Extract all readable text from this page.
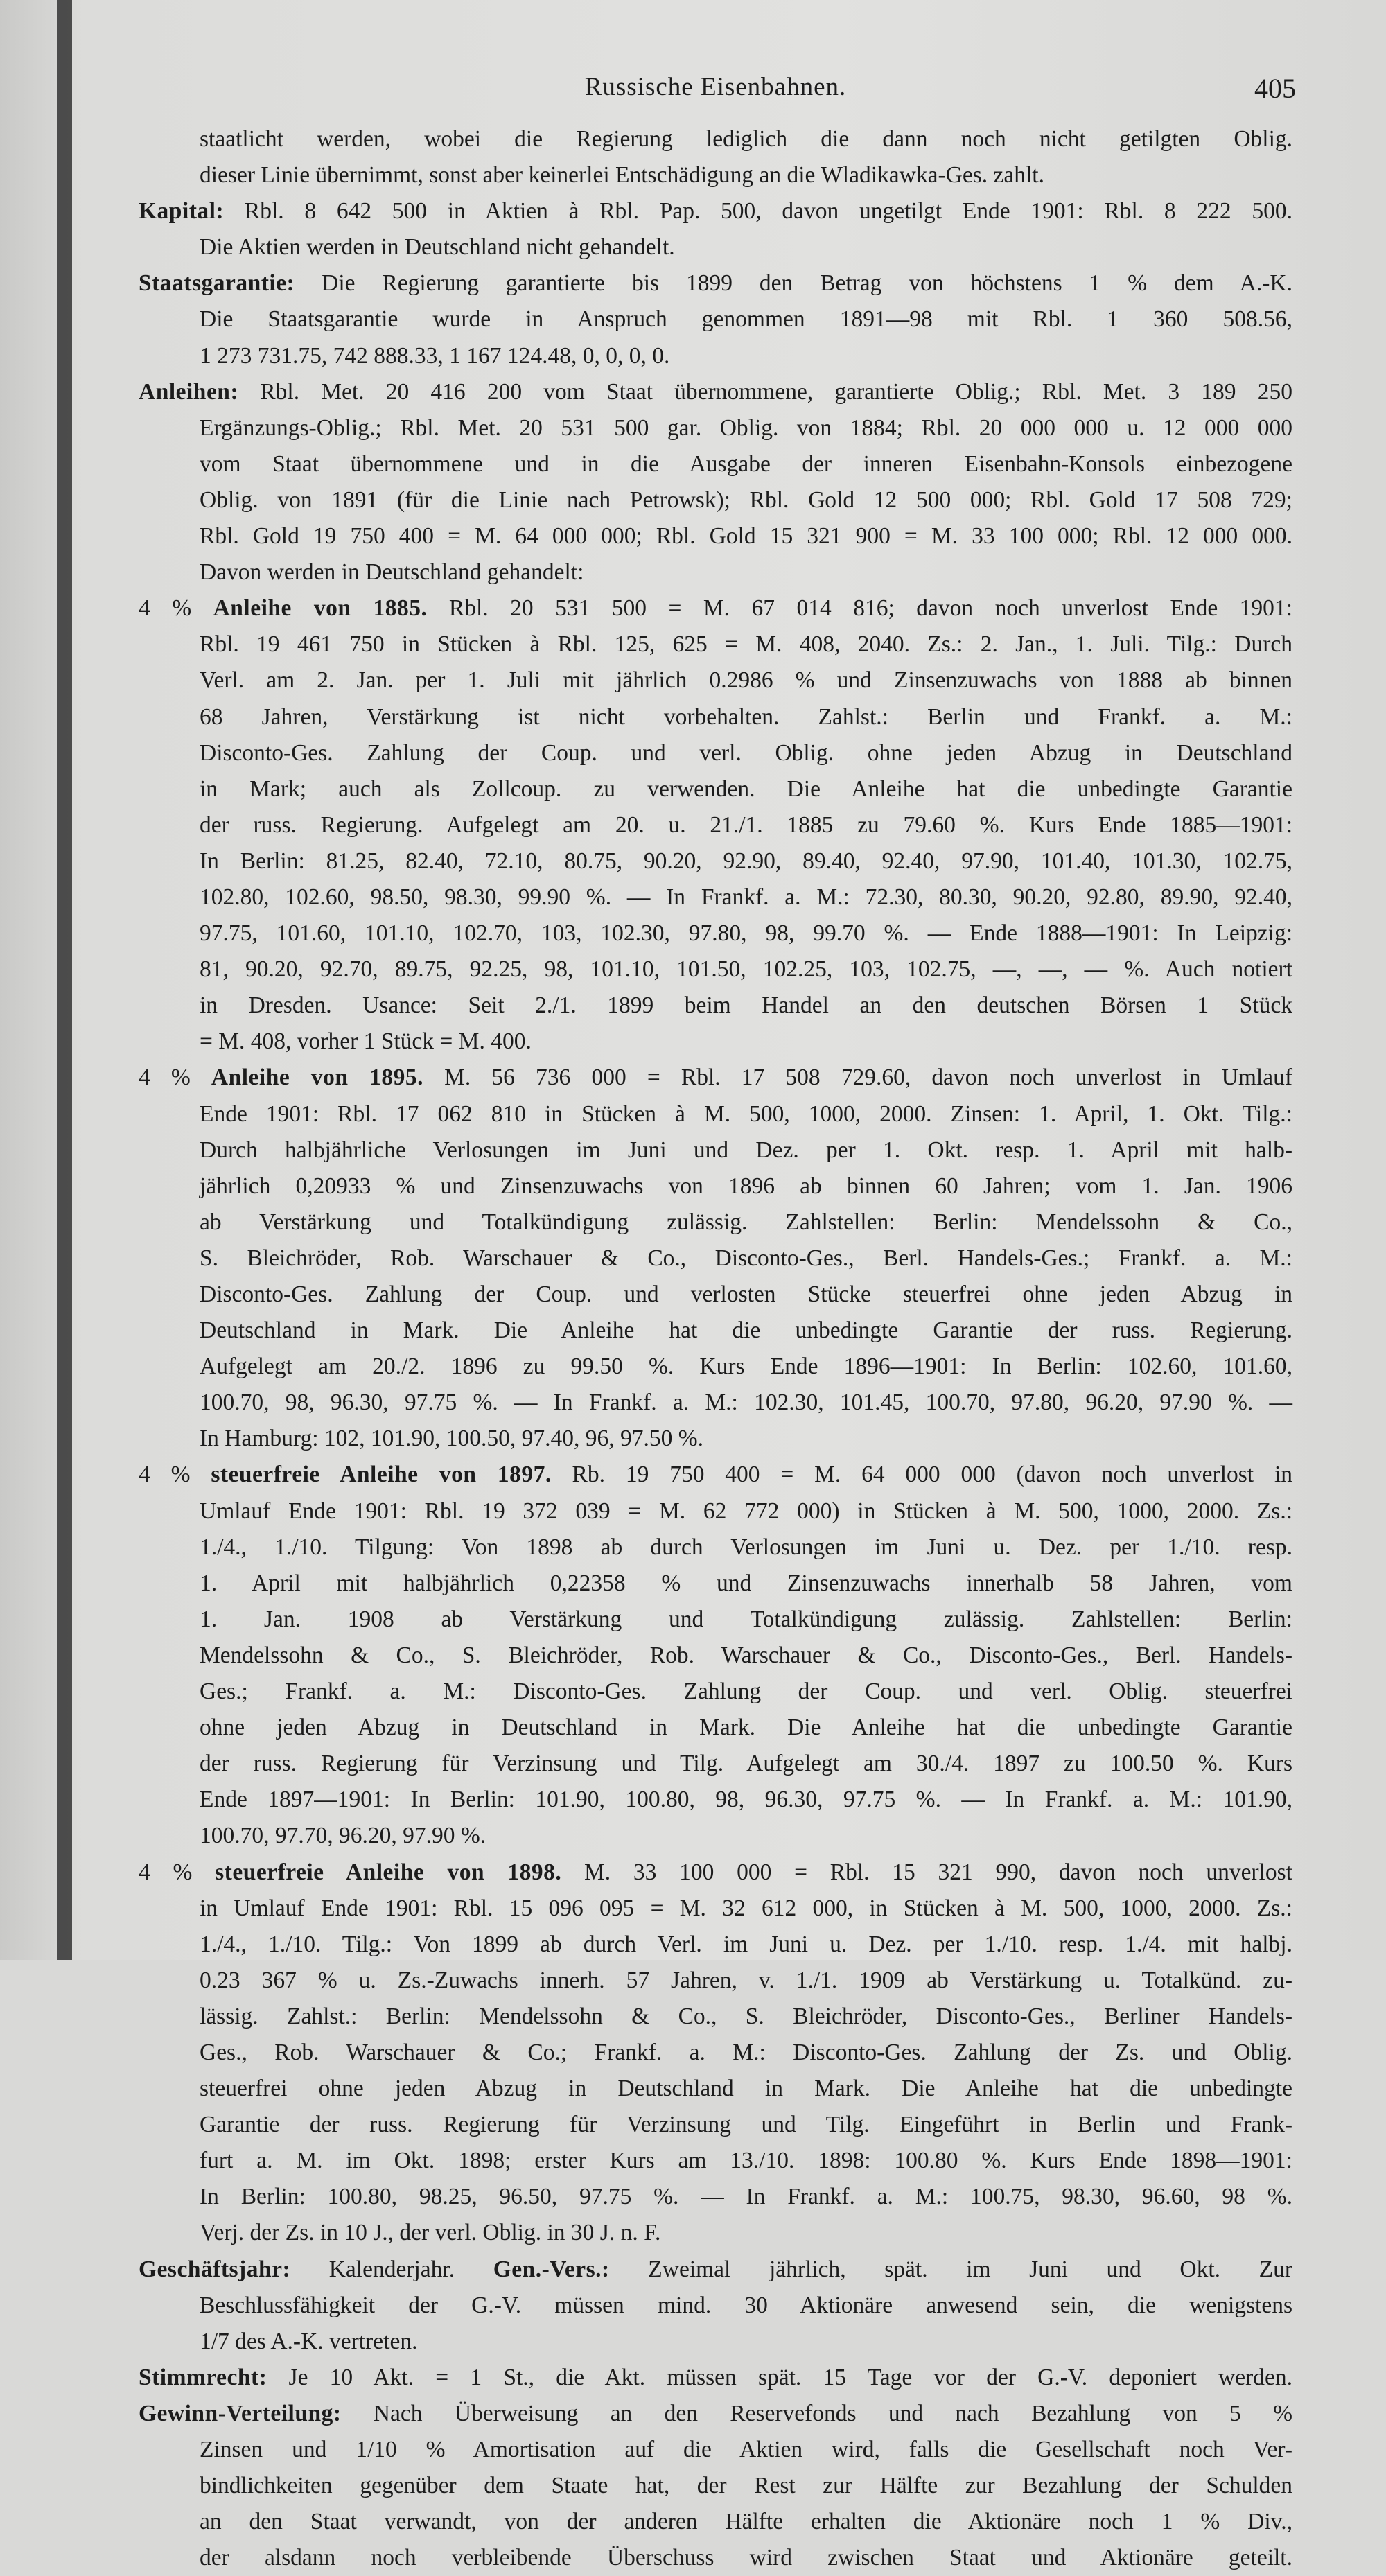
Russische Eisenbahnen.	405
staatlicht werden, wobei die Regierung lediglich die dann noch nicht getilgten Oblig.
dieser Linie übernimmt, sonst aber keinerlei Entschädigung an die Wladikawka-Ges. zahlt.
Kapital: Rbl. 8 642 500 in Aktien à Rbl. Pap. 500, davon ungetilgt Ende 1901: Rbl. 8 222 500.
Die Aktien werden in Deutschland nicht gehandelt.
Staatsgarantie: Die Regierung garantierte bis 1899 den Betrag von höchstens 1 % dem A.-K.
Die Staatsgarantie wurde in Anspruch genommen 1891—98 mit Rbl. 1 360 508.56,
1 273 731.75, 742 888.33, 1 167 124.48, 0, 0, 0, 0.
Anleihen: Rbl. Met. 20 416 200 vom Staat übernommene, garantierte Oblig.; Rbl. Met. 3 189 250
Ergänzungs-Oblig.; Rbl. Met. 20 531 500 gar. Oblig. von 1884; Rbl. 20 000 000 u. 12 000 000
vom Staat übernommene und in die Ausgabe der inneren Eisenbahn-Konsols einbezogene
Oblig. von 1891 (für die Linie nach Petrowsk); Rbl. Gold 12 500 000; Rbl. Gold 17 508 729;
Rbl. Gold 19 750 400 = M. 64 000 000; Rbl. Gold 15 321 900 = M. 33 100 000; Rbl. 12 000 000.
Davon werden in Deutschland gehandelt:
4 % Anleihe von 1885. Rbl. 20 531 500 = M. 67 014 816; davon noch unverlost Ende 1901:
Rbl. 19 461 750 in Stücken à Rbl. 125, 625 = M. 408, 2040. Zs.: 2. Jan., 1. Juli. Tilg.: Durch
Verl. am 2. Jan. per 1. Juli mit jährlich 0.2986 % und Zinsenzuwachs von 1888 ab binnen
68 Jahren, Verstärkung ist nicht vorbehalten. Zahlst.: Berlin und Frankf. a. M.:
Disconto-Ges. Zahlung der Coup. und verl. Oblig. ohne jeden Abzug in Deutschland
in Mark; auch als Zollcoup. zu verwenden. Die Anleihe hat die unbedingte Garantie
der russ. Regierung. Aufgelegt am 20. u. 21./1. 1885 zu 79.60 %. Kurs Ende 1885—1901:
In Berlin: 81.25, 82.40, 72.10, 80.75, 90.20, 92.90, 89.40, 92.40, 97.90, 101.40, 101.30, 102.75,
102.80, 102.60, 98.50, 98.30, 99.90 %. — In Frankf. a. M.: 72.30, 80.30, 90.20, 92.80, 89.90, 92.40,
97.75, 101.60, 101.10, 102.70, 103, 102.30, 97.80, 98, 99.70 %. — Ende 1888—1901: In Leipzig:
81, 90.20, 92.70, 89.75, 92.25, 98, 101.10, 101.50, 102.25, 103, 102.75, —, —, — %. Auch notiert
in Dresden. Usance: Seit 2./1. 1899 beim Handel an den deutschen Börsen 1 Stück
= M. 408, vorher 1 Stück = M. 400.
4 % Anleihe von 1895. M. 56 736 000 = Rbl. 17 508 729.60, davon noch unverlost in Umlauf
Ende 1901: Rbl. 17 062 810 in Stücken à M. 500, 1000, 2000. Zinsen: 1. April, 1. Okt. Tilg.:
Durch halbjährliche Verlosungen im Juni und Dez. per 1. Okt. resp. 1. April mit halb-
jährlich 0,20933 % und Zinsenzuwachs von 1896 ab binnen 60 Jahren; vom 1. Jan. 1906
ab Verstärkung und Totalkündigung zulässig. Zahlstellen: Berlin: Mendelssohn & Co.,
S. Bleichröder, Rob. Warschauer & Co., Disconto-Ges., Berl. Handels-Ges.; Frankf. a. M.:
Disconto-Ges. Zahlung der Coup. und verlosten Stücke steuerfrei ohne jeden Abzug in
Deutschland in Mark. Die Anleihe hat die unbedingte Garantie der russ. Regierung.
Aufgelegt am 20./2. 1896 zu 99.50 %. Kurs Ende 1896—1901: In Berlin: 102.60, 101.60,
100.70, 98, 96.30, 97.75 %. — In Frankf. a. M.: 102.30, 101.45, 100.70, 97.80, 96.20, 97.90 %. —
In Hamburg: 102, 101.90, 100.50, 97.40, 96, 97.50 %.
4 % steuerfreie Anleihe von 1897. Rb. 19 750 400 = M. 64 000 000 (davon noch unverlost in
Umlauf Ende 1901: Rbl. 19 372 039 = M. 62 772 000) in Stücken à M. 500, 1000, 2000. Zs.:
1./4., 1./10. Tilgung: Von 1898 ab durch Verlosungen im Juni u. Dez. per 1./10. resp.
1. April mit halbjährlich 0,22358 % und Zinsenzuwachs innerhalb 58 Jahren, vom
1. Jan. 1908 ab Verstärkung und Totalkündigung zulässig. Zahlstellen: Berlin:
Mendelssohn & Co., S. Bleichröder, Rob. Warschauer & Co., Disconto-Ges., Berl. Handels-
Ges.; Frankf. a. M.: Disconto-Ges. Zahlung der Coup. und verl. Oblig. steuerfrei
ohne jeden Abzug in Deutschland in Mark. Die Anleihe hat die unbedingte Garantie
der russ. Regierung für Verzinsung und Tilg. Aufgelegt am 30./4. 1897 zu 100.50 %. Kurs
Ende 1897—1901: In Berlin: 101.90, 100.80, 98, 96.30, 97.75 %. — In Frankf. a. M.: 101.90,
100.70, 97.70, 96.20, 97.90 %.
4 % steuerfreie Anleihe von 1898. M. 33 100 000 = Rbl. 15 321 990, davon noch unverlost
in Umlauf Ende 1901: Rbl. 15 096 095 = M. 32 612 000, in Stücken à M. 500, 1000, 2000. Zs.:
1./4., 1./10. Tilg.: Von 1899 ab durch Verl. im Juni u. Dez. per 1./10. resp. 1./4. mit halbj.
0.23 367 % u. Zs.-Zuwachs innerh. 57 Jahren, v. 1./1. 1909 ab Verstärkung u. Totalkünd. zu-
lässig. Zahlst.: Berlin: Mendelssohn & Co., S. Bleichröder, Disconto-Ges., Berliner Handels-
Ges., Rob. Warschauer & Co.; Frankf. a. M.: Disconto-Ges. Zahlung der Zs. und Oblig.
steuerfrei ohne jeden Abzug in Deutschland in Mark. Die Anleihe hat die unbedingte
Garantie der russ. Regierung für Verzinsung und Tilg. Eingeführt in Berlin und Frank-
furt a. M. im Okt. 1898; erster Kurs am 13./10. 1898: 100.80 %. Kurs Ende 1898—1901:
In Berlin: 100.80, 98.25, 96.50, 97.75 %. — In Frankf. a. M.: 100.75, 98.30, 96.60, 98 %.
Verj. der Zs. in 10 J., der verl. Oblig. in 30 J. n. F.
Geschäftsjahr: Kalenderjahr. Gen.-Vers.: Zweimal jährlich, spät. im Juni und Okt. Zur
Beschlussfähigkeit der G.-V. müssen mind. 30 Aktionäre anwesend sein, die wenigstens
1/7 des A.-K. vertreten.
Stimmrecht: Je 10 Akt. = 1 St., die Akt. müssen spät. 15 Tage vor der G.-V. deponiert werden.
Gewinn-Verteilung: Nach Überweisung an den Reservefonds und nach Bezahlung von 5 %
Zinsen und 1/10 % Amortisation auf die Aktien wird, falls die Gesellschaft noch Ver-
bindlichkeiten gegenüber dem Staate hat, der Rest zur Hälfte zur Bezahlung der Schulden
an den Staat verwandt, von der anderen Hälfte erhalten die Aktionäre noch 1 % Div.,
der alsdann noch verbleibende Überschuss wird zwischen Staat und Aktionäre geteilt.
